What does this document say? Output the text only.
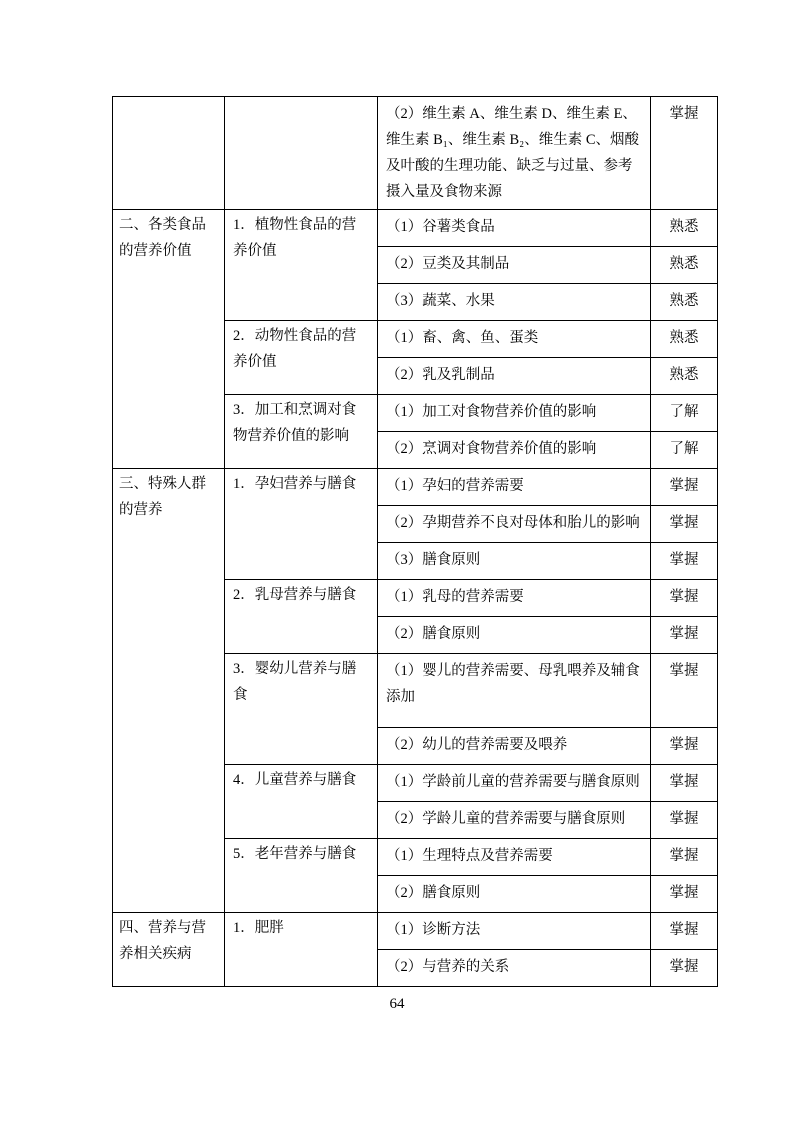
		（2）维生素 A、维生素 D、维生素 E、维生素 B₁、维生素 B₂、维生素 C、烟酸及叶酸的生理功能、缺乏与过量、参考摄入量及食物来源	掌握
二、各类食品的营养价值	1．植物性食品的营养价值	（1）谷薯类食品	熟悉
		（2）豆类及其制品	熟悉
		（3）蔬菜、水果	熟悉
	2．动物性食品的营养价值	（1）畜、禽、鱼、蛋类	熟悉
		（2）乳及乳制品	熟悉
	3．加工和烹调对食物营养价值的影响	（1）加工对食物营养价值的影响	了解
		（2）烹调对食物营养价值的影响	了解
三、特殊人群的营养	1．孕妇营养与膳食	（1）孕妇的营养需要	掌握
		（2）孕期营养不良对母体和胎儿的影响	掌握
		（3）膳食原则	掌握
	2．乳母营养与膳食	（1）乳母的营养需要	掌握
		（2）膳食原则	掌握
	3．婴幼儿营养与膳食	（1）婴儿的营养需要、母乳喂养及辅食添加	掌握
		（2）幼儿的营养需要及喂养	掌握
	4．儿童营养与膳食	（1）学龄前儿童的营养需要与膳食原则	掌握
		（2）学龄儿童的营养需要与膳食原则	掌握
	5．老年营养与膳食	（1）生理特点及营养需要	掌握
		（2）膳食原则	掌握
四、营养与营养相关疾病	1．肥胖	（1）诊断方法	掌握
		（2）与营养的关系	掌握
64
